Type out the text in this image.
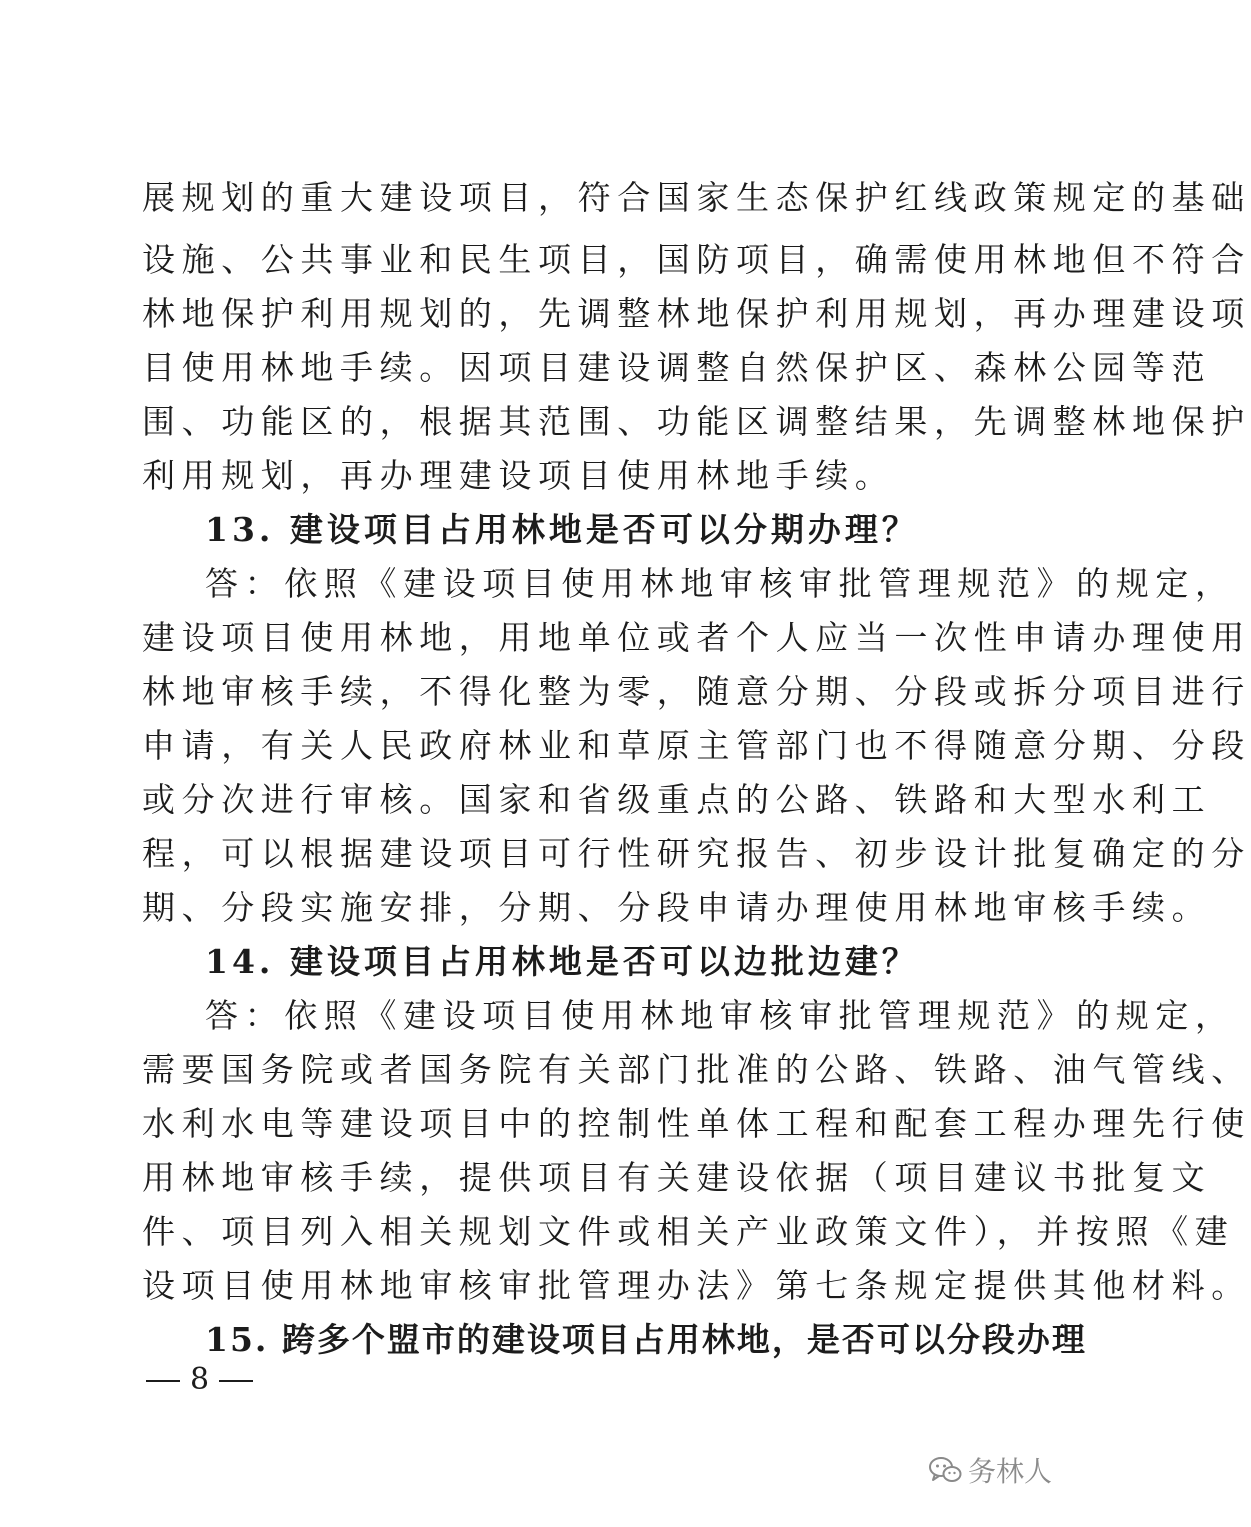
展规划的重大建设项目，符合国家生态保护红线政策规定的基础
设施、公共事业和民生项目，国防项目，确需使用林地但不符合
林地保护利用规划的，先调整林地保护利用规划，再办理建设项
目使用林地手续。因项目建设调整自然保护区、森林公园等范
围、功能区的，根据其范围、功能区调整结果，先调整林地保护
利用规划，再办理建设项目使用林地手续。
13. 建设项目占用林地是否可以分期办理？
答：依照《建设项目使用林地审核审批管理规范》的规定，
建设项目使用林地，用地单位或者个人应当一次性申请办理使用
林地审核手续，不得化整为零，随意分期、分段或拆分项目进行
申请，有关人民政府林业和草原主管部门也不得随意分期、分段
或分次进行审核。国家和省级重点的公路、铁路和大型水利工
程，可以根据建设项目可行性研究报告、初步设计批复确定的分
期、分段实施安排，分期、分段申请办理使用林地审核手续。
14. 建设项目占用林地是否可以边批边建？
答：依照《建设项目使用林地审核审批管理规范》的规定，
需要国务院或者国务院有关部门批准的公路、铁路、油气管线、
水利水电等建设项目中的控制性单体工程和配套工程办理先行使
用林地审核手续，提供项目有关建设依据（项目建议书批复文
件、项目列入相关规划文件或相关产业政策文件），并按照《建
设项目使用林地审核审批管理办法》第七条规定提供其他材料。
15. 跨多个盟市的建设项目占用林地，是否可以分段办理
8
务林人
